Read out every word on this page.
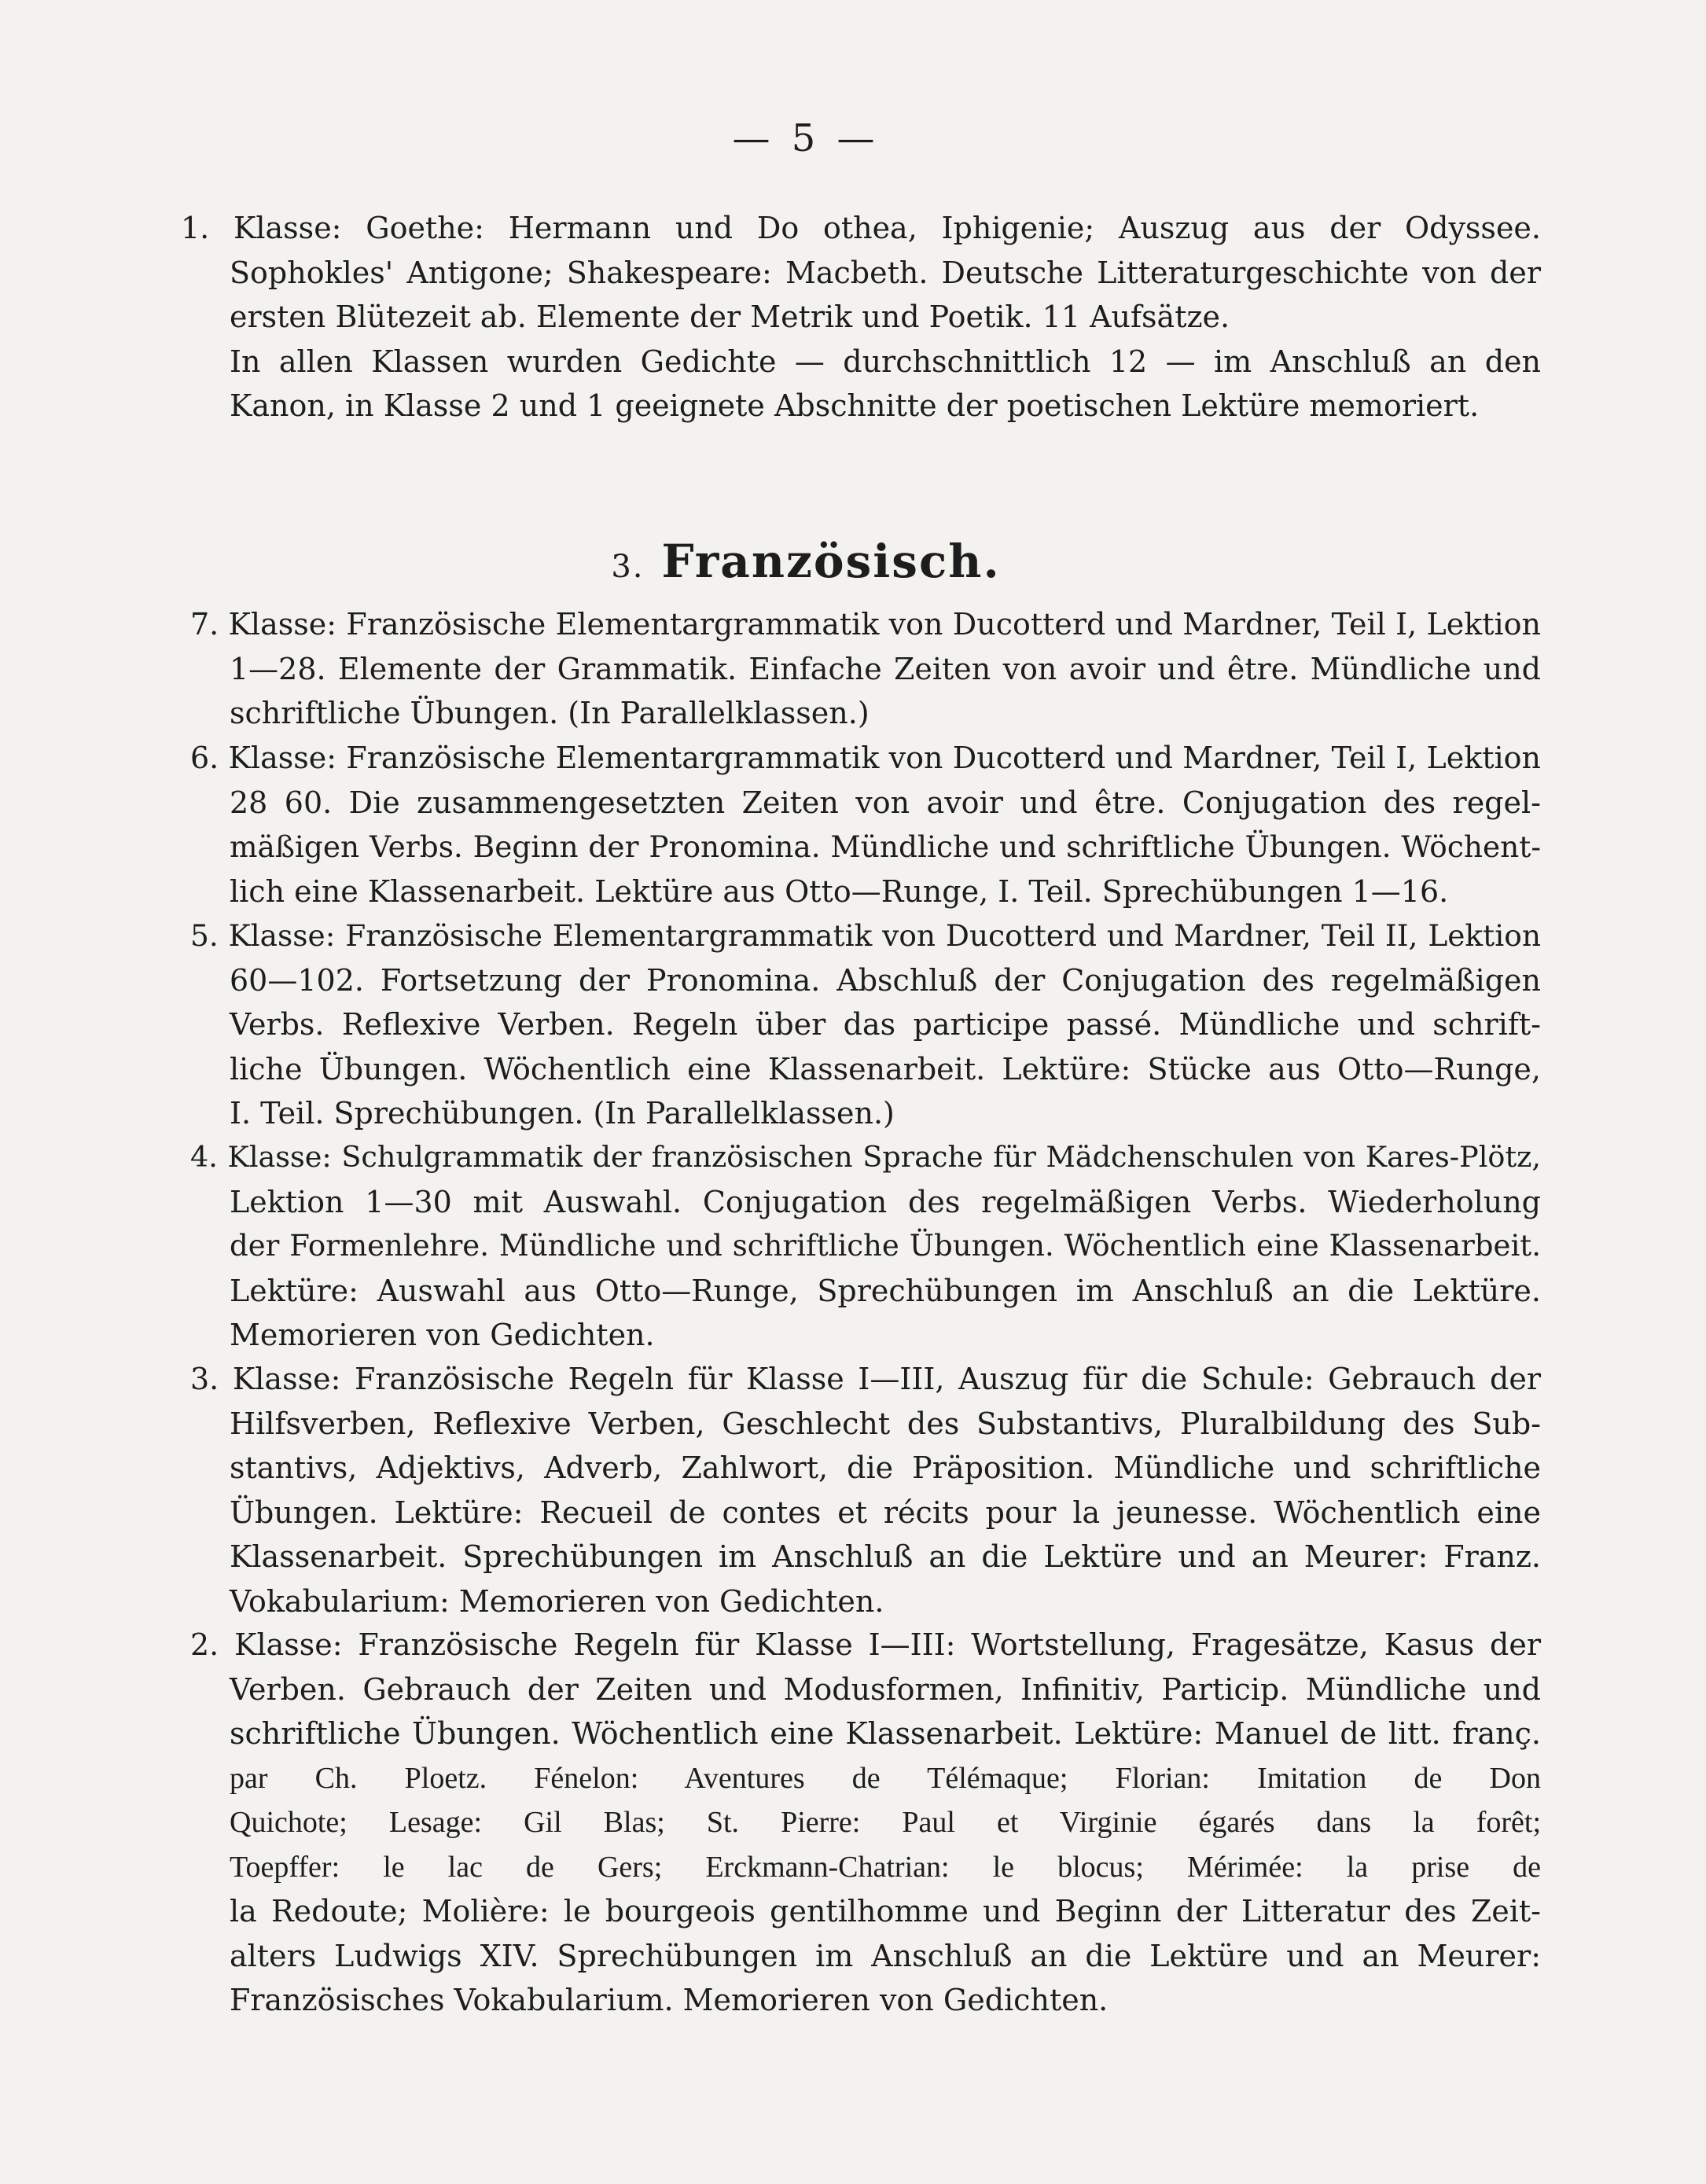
— 5 —
1. Klasse: Goethe: Hermann und Do othea, Iphigenie; Auszug aus der Odyssee.
Sophokles' Antigone; Shakespeare: Macbeth. Deutsche Litteraturgeschichte von der
ersten Blütezeit ab. Elemente der Metrik und Poetik. 11 Aufsätze.
In allen Klassen wurden Gedichte — durchschnittlich 12 — im Anschluß an den
Kanon, in Klasse 2 und 1 geeignete Abschnitte der poetischen Lektüre memoriert.
3. Französisch.
7. Klasse: Französische Elementargrammatik von Ducotterd und Mardner, Teil I, Lektion
1—28. Elemente der Grammatik. Einfache Zeiten von avoir und être. Mündliche und
schriftliche Übungen. (In Parallelklassen.)
6. Klasse: Französische Elementargrammatik von Ducotterd und Mardner, Teil I, Lektion
28 60. Die zusammengesetzten Zeiten von avoir und être. Conjugation des regel-
mäßigen Verbs. Beginn der Pronomina. Mündliche und schriftliche Übungen. Wöchent-
lich eine Klassenarbeit. Lektüre aus Otto—Runge, I. Teil. Sprechübungen 1—16.
5. Klasse: Französische Elementargrammatik von Ducotterd und Mardner, Teil II, Lektion
60—102. Fortsetzung der Pronomina. Abschluß der Conjugation des regelmäßigen
Verbs. Reflexive Verben. Regeln über das participe passé. Mündliche und schrift-
liche Übungen. Wöchentlich eine Klassenarbeit. Lektüre: Stücke aus Otto—Runge,
I. Teil. Sprechübungen. (In Parallelklassen.)
4. Klasse: Schulgrammatik der französischen Sprache für Mädchenschulen von Kares-Plötz,
Lektion 1—30 mit Auswahl. Conjugation des regelmäßigen Verbs. Wiederholung
der Formenlehre. Mündliche und schriftliche Übungen. Wöchentlich eine Klassenarbeit.
Lektüre: Auswahl aus Otto—Runge, Sprechübungen im Anschluß an die Lektüre.
Memorieren von Gedichten.
3. Klasse: Französische Regeln für Klasse I—III, Auszug für die Schule: Gebrauch der
Hilfsverben, Reflexive Verben, Geschlecht des Substantivs, Pluralbildung des Sub-
stantivs, Adjektivs, Adverb, Zahlwort, die Präposition. Mündliche und schriftliche
Übungen. Lektüre: Recueil de contes et récits pour la jeunesse. Wöchentlich eine
Klassenarbeit. Sprechübungen im Anschluß an die Lektüre und an Meurer: Franz.
Vokabularium: Memorieren von Gedichten.
2. Klasse: Französische Regeln für Klasse I—III: Wortstellung, Fragesätze, Kasus der
Verben. Gebrauch der Zeiten und Modusformen, Infinitiv, Particip. Mündliche und
schriftliche Übungen. Wöchentlich eine Klassenarbeit. Lektüre: Manuel de litt. franç.
par Ch. Ploetz. Fénelon: Aventures de Télémaque; Florian: Imitation de Don
Quichote; Lesage: Gil Blas; St. Pierre: Paul et Virginie égarés dans la forêt;
Toepffer: le lac de Gers; Erckmann-Chatrian: le blocus; Mérimée: la prise de
la Redoute; Molière: le bourgeois gentilhomme und Beginn der Litteratur des Zeit-
alters Ludwigs XIV. Sprechübungen im Anschluß an die Lektüre und an Meurer:
Französisches Vokabularium. Memorieren von Gedichten.
